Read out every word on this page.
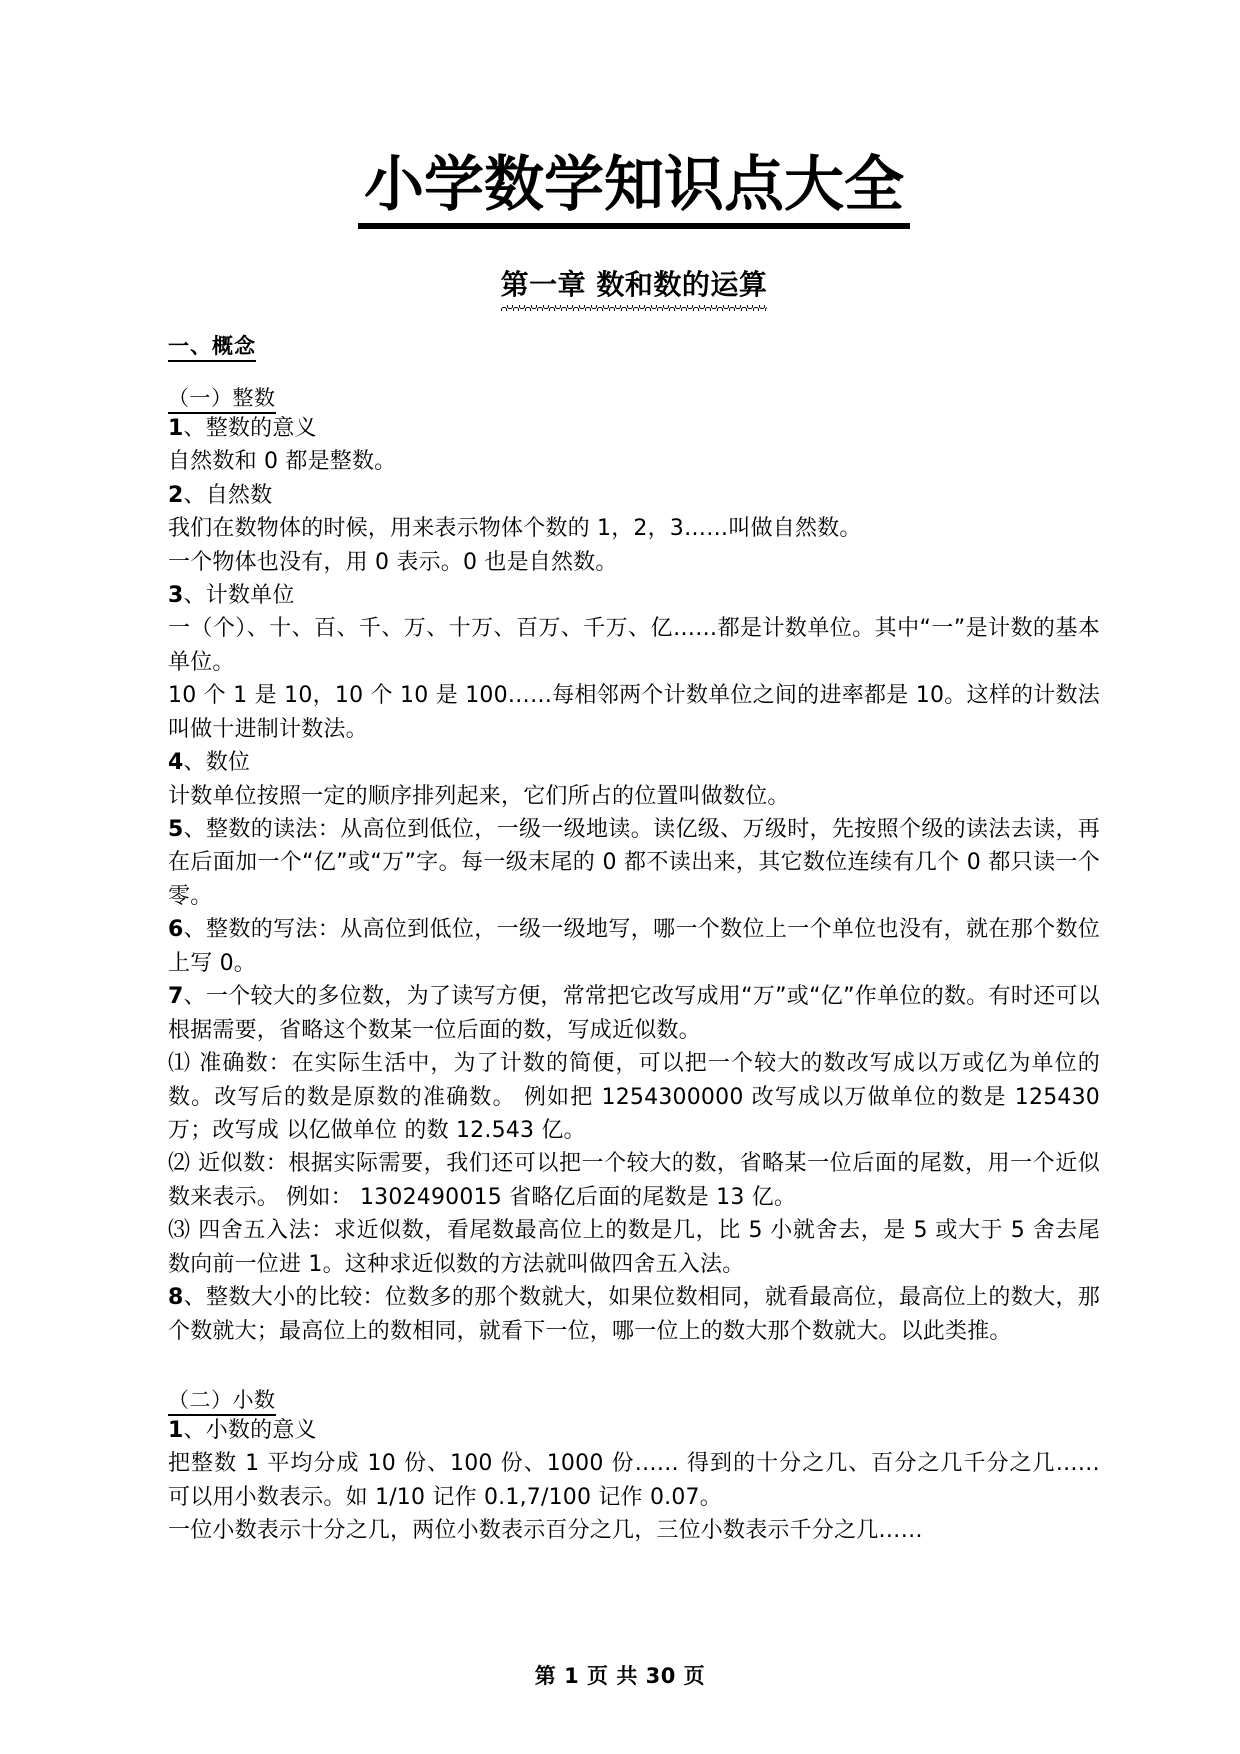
小学数学知识点大全
第一章 数和数的运算
一、概念
（一）整数

1、整数的意义

自然数和 0 都是整数。

2、自然数

我们在数物体的时候，用来表示物体个数的 1，2，3……叫做自然数。

一个物体也没有，用 0 表示。0 也是自然数。

3、计数单位

一（个）、十、百、千、万、十万、百万、千万、亿……都是计数单位。其中“一”是计数的基本单位。

10 个 1 是 10，10 个 10 是 100……每相邻两个计数单位之间的进率都是 10。这样的计数法叫做十进制计数法。

4、数位

计数单位按照一定的顺序排列起来，它们所占的位置叫做数位。

5、整数的读法：从高位到低位，一级一级地读。读亿级、万级时，先按照个级的读法去读，再在后面加一个“亿”或“万”字。每一级末尾的 0 都不读出来，其它数位连续有几个 0 都只读一个零。

6、整数的写法：从高位到低位，一级一级地写，哪一个数位上一个单位也没有，就在那个数位上写 0。

7、一个较大的多位数，为了读写方便，常常把它改写成用“万”或“亿”作单位的数。有时还可以根据需要，省略这个数某一位后面的数，写成近似数。

⑴ 准确数：在实际生活中，为了计数的简便，可以把一个较大的数改写成以万或亿为单位的数。改写后的数是原数的准确数。 例如把 1254300000 改写成以万做单位的数是 125430 万；改写成 以亿做单位 的数 12.543 亿。

⑵ 近似数：根据实际需要，我们还可以把一个较大的数，省略某一位后面的尾数，用一个近似数来表示。 例如： 1302490015 省略亿后面的尾数是 13 亿。

⑶ 四舍五入法：求近似数，看尾数最高位上的数是几，比 5 小就舍去，是 5 或大于 5 舍去尾数向前一位进 1。这种求近似数的方法就叫做四舍五入法。

8、整数大小的比较：位数多的那个数就大，如果位数相同，就看最高位，最高位上的数大，那个数就大；最高位上的数相同，就看下一位，哪一位上的数大那个数就大。以此类推。

（二）小数

1、小数的意义

把整数 1 平均分成 10 份、100 份、1000 份…… 得到的十分之几、百分之几千分之几…… 可以用小数表示。如 1/10 记作 0.1,7/100 记作 0.07。

一位小数表示十分之几，两位小数表示百分之几，三位小数表示千分之几……

第 1 页 共 30 页
